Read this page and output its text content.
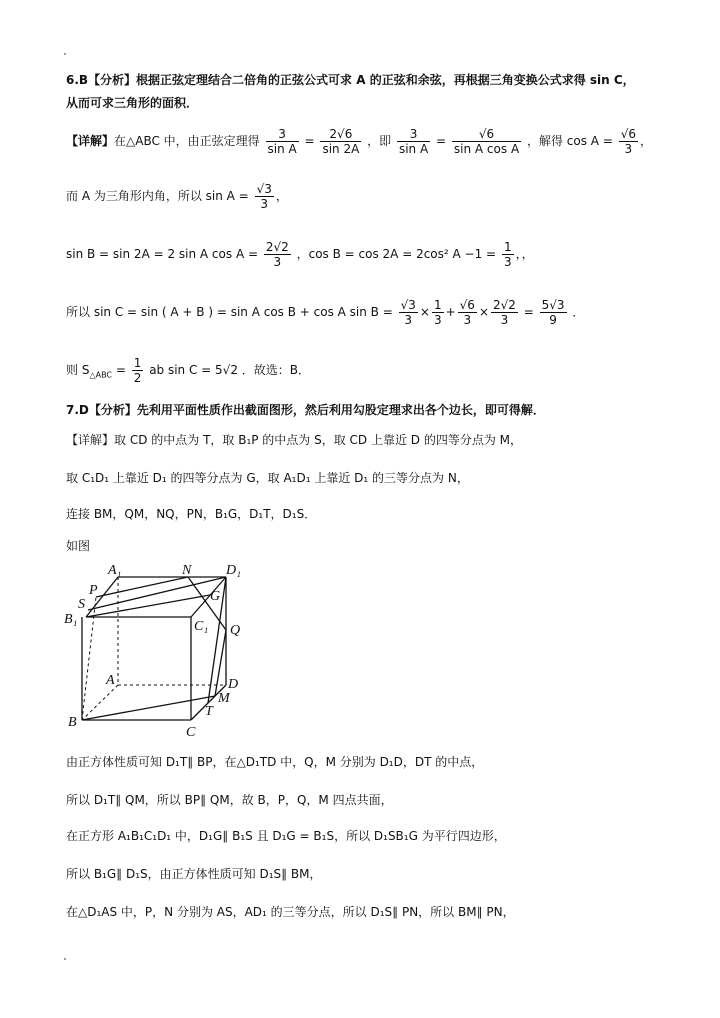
6.B【分析】根据正弦定理结合二倍角的正弦公式可求 A 的正弦和余弦，再根据三角变换公式求得 sin C，
从而可求三角形的面积．
【详解】在△ABC 中，由正弦定理得 $\frac{3}{\text{sin A}} = \frac{2√6}{\sin 2A}$ ，即 $\frac{3}{\text{sin A}} = \frac{√6}{\text{sin A cos A}}$ ，解得 $\cos A = \frac{√6}{3}$ ，
而 A 为三角形内角，所以 $\sin A = \frac{√3}{3}$ ，
sin B = sin 2A = 2 sin A $\cos A = \frac{2√2}{3}$ ，cos B = cos 2A = 2cos² $A -1 = \frac{1}{3}$ ，，
所以 sin C = sin ( A + B ) = sin A cos B + cos A $\sin B = \frac{√3}{3} \times \frac{1}{3} + \frac{√6}{3} \times \frac{2√2}{3} = \frac{5√3}{9}$ ．
则 $S_{\triangle ABC} = \frac{1}{2}$ ab sin C = 5√2 ．故选：B．
7.D【分析】先利用平面性质作出截面图形，然后利用勾股定理求出各个边长，即可得解．
【详解】取 CD 的中点为 T，取 B₁P 的中点为 S，取 CD 上靠近 D 的四等分点为 M，
取 C₁D₁ 上靠近 D₁ 的四等分点为 G，取 A₁D₁ 上靠近 D₁ 的三等分点为 N，
连接 BM，QM，NQ，PN，B₁G，D₁T，D₁S．
如图
A₁	N D₁
P	G
S
B₁	C₁ Q
A	D
M
T
B
C
由正方体性质可知 D₁T∥ BP，在△D₁TD 中，Q，M 分别为 D₁D，DT 的中点，
所以 D₁T∥ QM，所以 BP∥ QM，故 B，P，Q，M 四点共面，
在正方形 A₁B₁C₁D₁ 中，D₁G∥ B₁S 且 D₁G = B₁S，所以 D₁SB₁G 为平行四边形，
所以 B₁G∥ D₁S，由正方体性质可知 D₁S∥ BM，
在△D₁AS 中，P，N 分别为 AS，AD₁ 的三等分点，所以 D₁S∥ PN，所以 BM∥ PN，
